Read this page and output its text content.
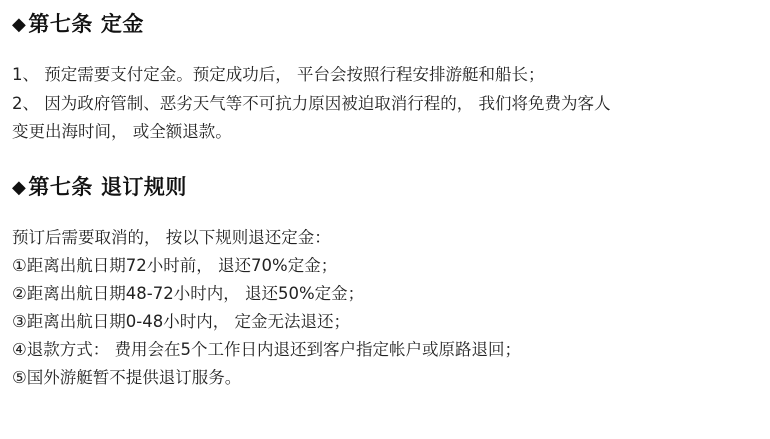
◆ 第七条 定金
1、 预定需要支付定金。预定成功后， 平台会按照行程安排游艇和船长；
2、 因为政府管制、恶劣天气等不可抗力原因被迫取消行程的， 我们将免费为客人
变更出海时间， 或全额退款。
◆ 第七条 退订规则
预订后需要取消的， 按以下规则退还定金：
①距离出航日期72小时前， 退还70%定金；
②距离出航日期48-72小时内， 退还50%定金；
③距离出航日期0-48小时内， 定金无法退还；
④退款方式： 费用会在5个工作日内退还到客户指定帐户或原路退回；
⑤国外游艇暂不提供退订服务。
